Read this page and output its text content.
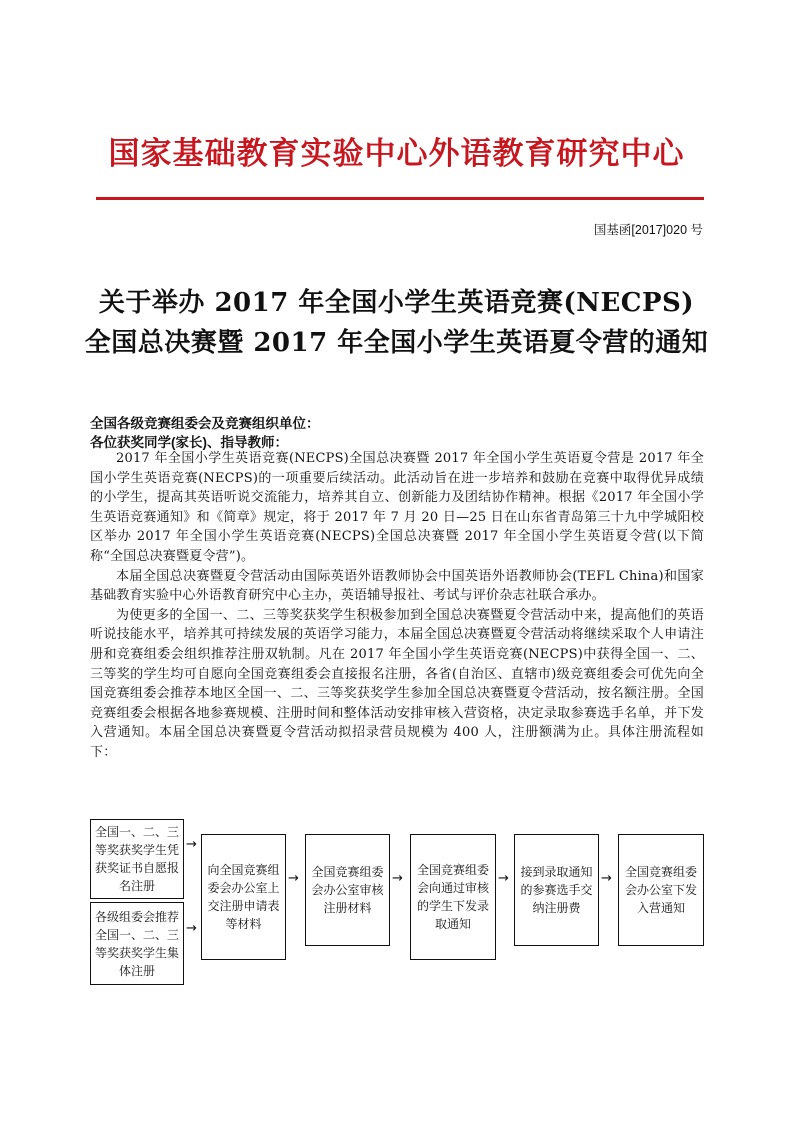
国家基础教育实验中心外语教育研究中心
国基函[2017]020 号
关于举办 2017 年全国小学生英语竞赛(NECPS)
全国总决赛暨 2017 年全国小学生英语夏令营的通知
全国各级竞赛组委会及竞赛组织单位：
各位获奖同学(家长)、指导教师：

2017 年全国小学生英语竞赛(NECPS)全国总决赛暨 2017 年全国小学生英语夏令营是 2017 年全国小学生英语竞赛(NECPS)的一项重要后续活动。此活动旨在进一步培养和鼓励在竞赛中取得优异成绩的小学生，提高其英语听说交流能力，培养其自立、创新能力及团结协作精神。根据《2017 年全国小学生英语竞赛通知》和《简章》规定，将于 2017 年 7 月 20 日—25 日在山东省青岛第三十九中学城阳校区举办 2017 年全国小学生英语竞赛(NECPS)全国总决赛暨 2017 年全国小学生英语夏令营(以下简称“全国总决赛暨夏令营”)。

本届全国总决赛暨夏令营活动由国际英语外语教师协会中国英语外语教师协会(TEFL China)和国家基础教育实验中心外语教育研究中心主办，英语辅导报社、考试与评价杂志社联合承办。

为使更多的全国一、二、三等奖获奖学生积极参加到全国总决赛暨夏令营活动中来，提高他们的英语听说技能水平，培养其可持续发展的英语学习能力，本届全国总决赛暨夏令营活动将继续采取个人申请注册和竞赛组委会组织推荐注册双轨制。凡在 2017 年全国小学生英语竞赛(NECPS)中获得全国一、二、三等奖的学生均可自愿向全国竞赛组委会直接报名注册，各省(自治区、直辖市)级竞赛组委会可优先向全国竞赛组委会推荐本地区全国一、二、三等奖获奖学生参加全国总决赛暨夏令营活动，按名额注册。全国竞赛组委会根据各地参赛规模、注册时间和整体活动安排审核入营资格，决定录取参赛选手名单，并下发入营通知。本届全国总决赛暨夏令营活动拟招录营员规模为 400 人，注册额满为止。具体注册流程如下：

全国一、二、三等奖获奖学生凭获奖证书自愿报名注册
各级组委会推荐全国一、二、三等奖获奖学生集体注册
→
→
向全国竞赛组委会办公室上交注册申请表等材料
→	全国竞赛组委会办公室审核注册材料
→
全国竞赛组委会向通过审核的学生下发录取通知
→ 接到录取通知的参赛选手交纳注册费
→	全国竞赛组委会办公室下发入营通知
